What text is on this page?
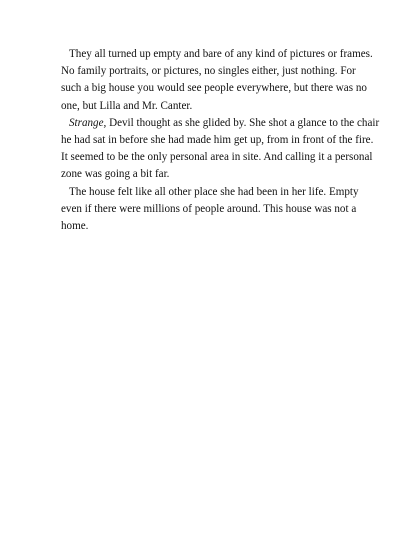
They all turned up empty and bare of any kind of pictures or frames.
No family portraits, or pictures, no singles either, just nothing. For
such a big house you would see people everywhere, but there was no
one, but Lilla and Mr. Canter.
Strange, Devil thought as she glided by. She shot a glance to the chair
he had sat in before she had made him get up, from in front of the fire.
It seemed to be the only personal area in site. And calling it a personal
zone was going a bit far.
The house felt like all other place she had been in her life. Empty
even if there were millions of people around. This house was not a
home.
